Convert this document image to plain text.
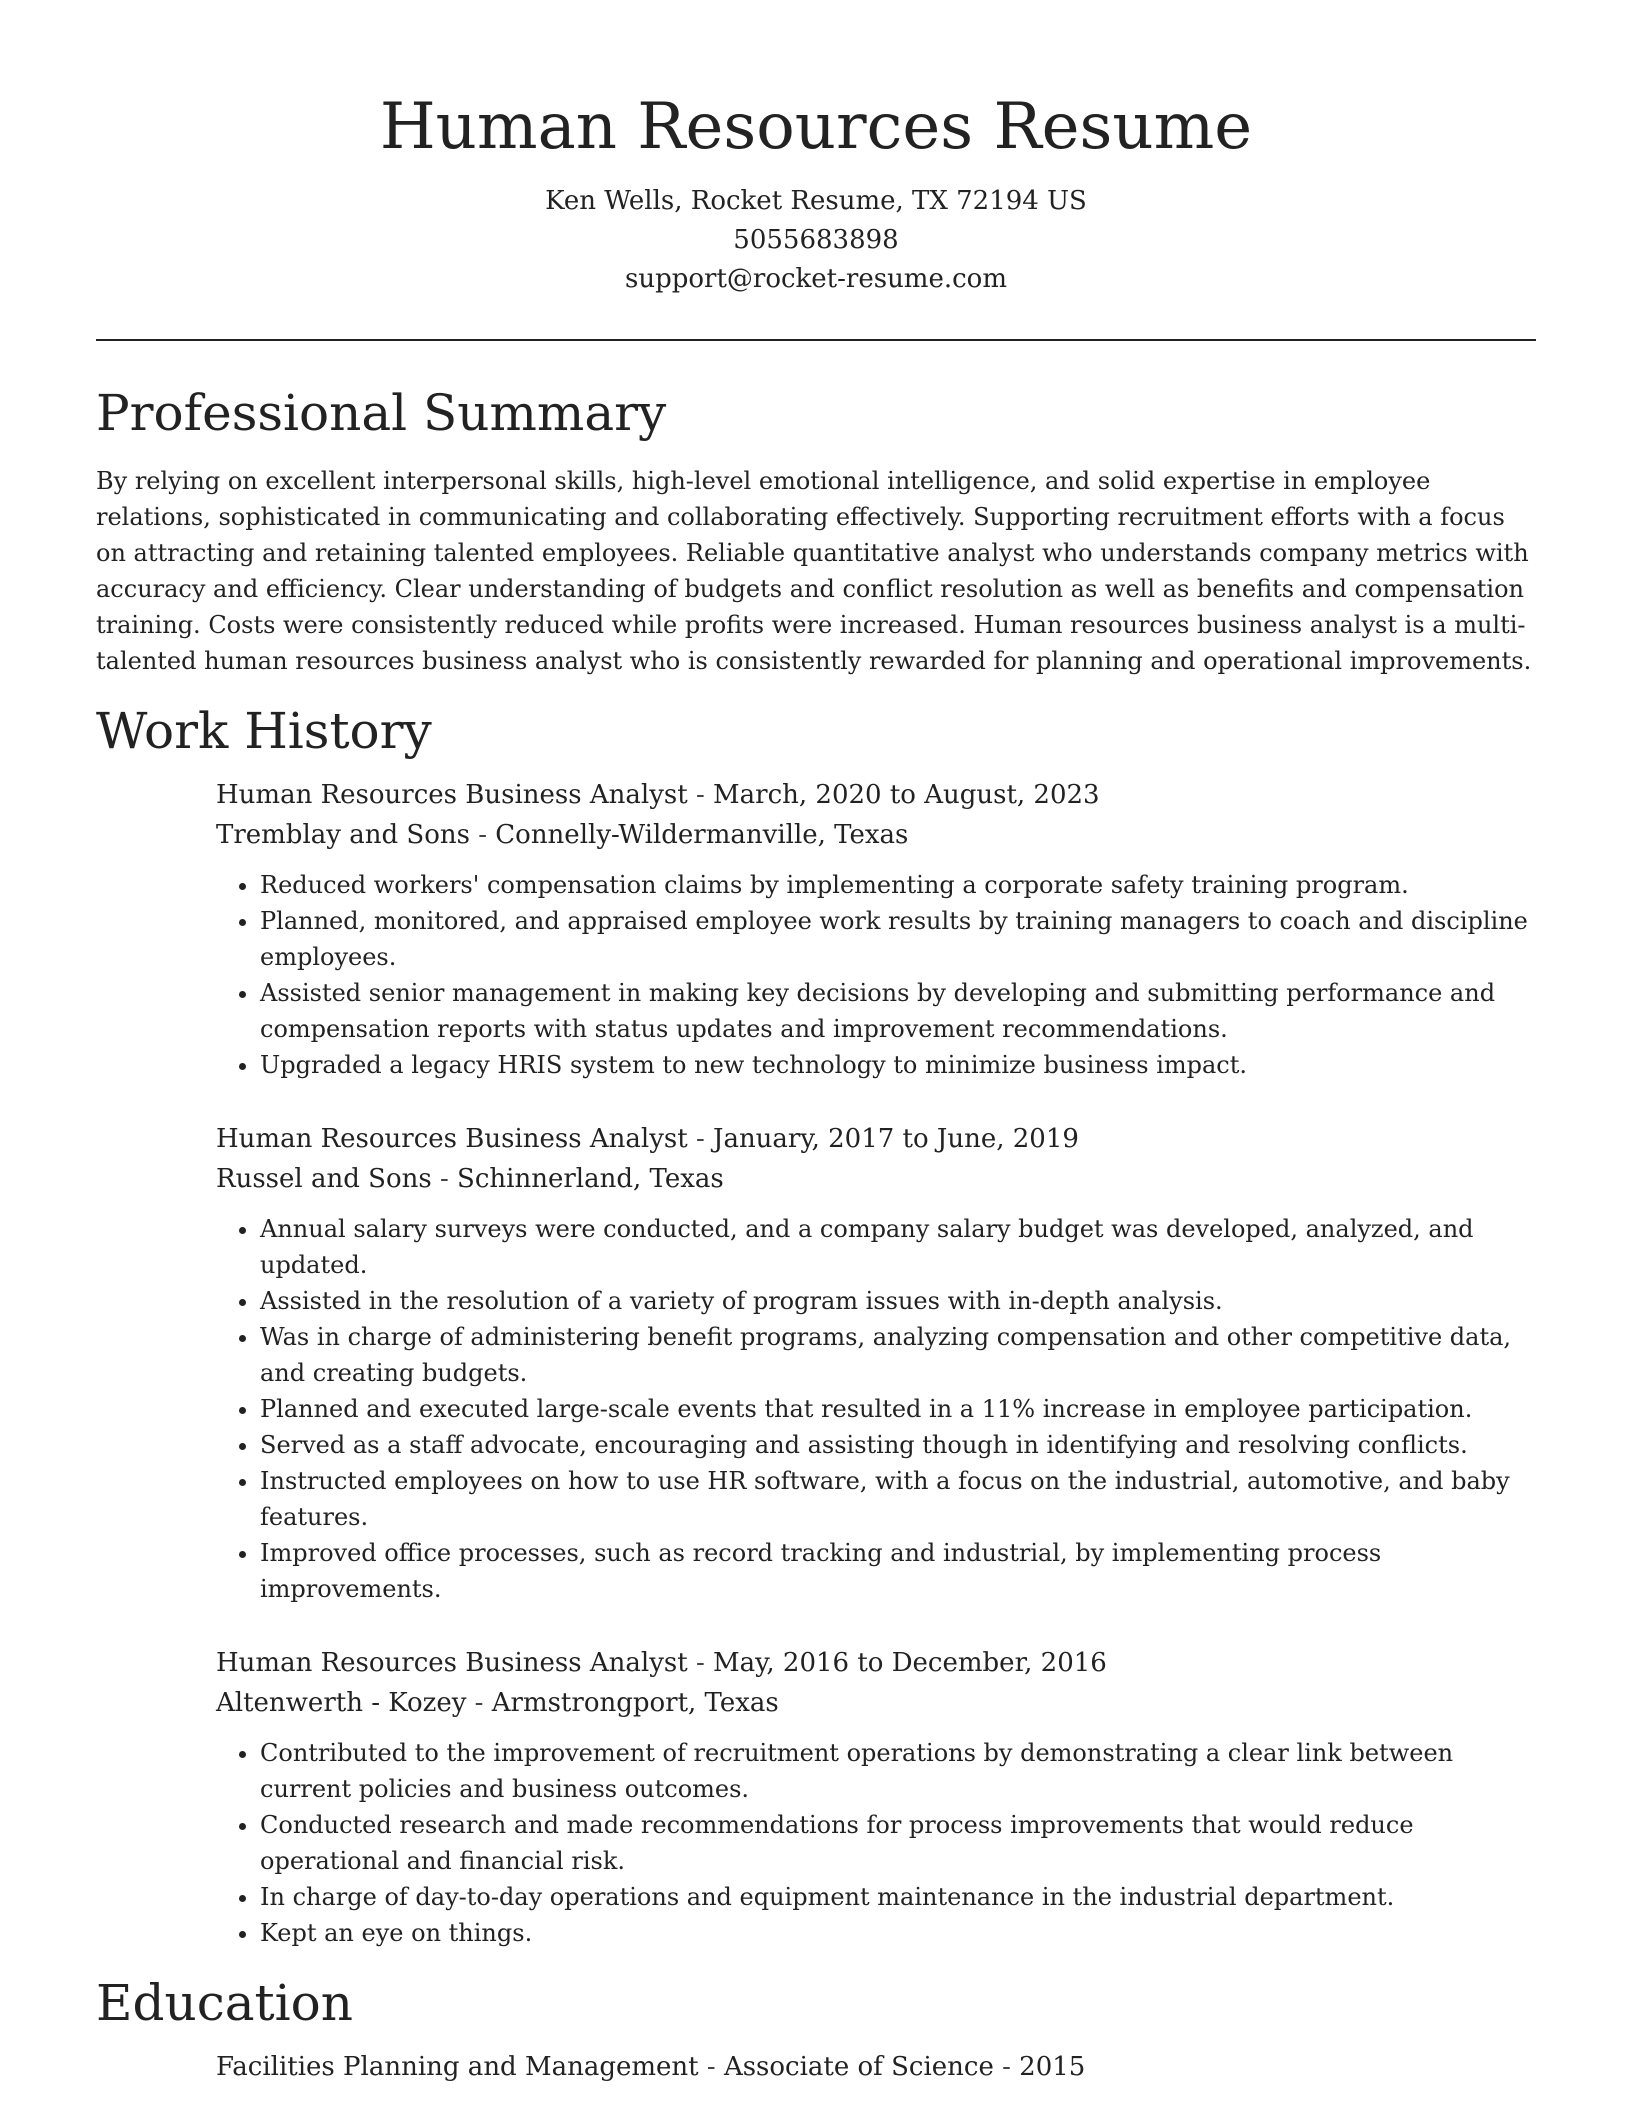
Human Resources Resume

Ken Wells, Rocket Resume, TX 72194 US

5055683898

support@rocket-resume.com

Professional Summary

By relying on excellent interpersonal skills, high-level emotional intelligence, and solid expertise in employee relations, sophisticated in communicating and collaborating effectively. Supporting recruitment efforts with a focus on attracting and retaining talented employees. Reliable quantitative analyst who understands company metrics with accuracy and efficiency. Clear understanding of budgets and conflict resolution as well as benefits and compensation training. Costs were consistently reduced while profits were increased. Human resources business analyst is a multi-talented human resources business analyst who is consistently rewarded for planning and operational improvements.

Work History

Human Resources Business Analyst - March, 2020 to August, 2023

Tremblay and Sons - Connelly-Wildermanville, Texas

• Reduced workers' compensation claims by implementing a corporate safety training program.
• Planned, monitored, and appraised employee work results by training managers to coach and discipline employees.
• Assisted senior management in making key decisions by developing and submitting performance and compensation reports with status updates and improvement recommendations.
• Upgraded a legacy HRIS system to new technology to minimize business impact.

Human Resources Business Analyst - January, 2017 to June, 2019

Russel and Sons - Schinnerland, Texas

• Annual salary surveys were conducted, and a company salary budget was developed, analyzed, and updated.
• Assisted in the resolution of a variety of program issues with in-depth analysis.
• Was in charge of administering benefit programs, analyzing compensation and other competitive data, and creating budgets.
• Planned and executed large-scale events that resulted in a 11% increase in employee participation.
• Served as a staff advocate, encouraging and assisting though in identifying and resolving conflicts.
• Instructed employees on how to use HR software, with a focus on the industrial, automotive, and baby features.
• Improved office processes, such as record tracking and industrial, by implementing process improvements.

Human Resources Business Analyst - May, 2016 to December, 2016

Altenwerth - Kozey - Armstrongport, Texas

• Contributed to the improvement of recruitment operations by demonstrating a clear link between current policies and business outcomes.
• Conducted research and made recommendations for process improvements that would reduce operational and financial risk.
• In charge of day-to-day operations and equipment maintenance in the industrial department.
• Kept an eye on things.
Education

Facilities Planning and Management - Associate of Science - 2015
